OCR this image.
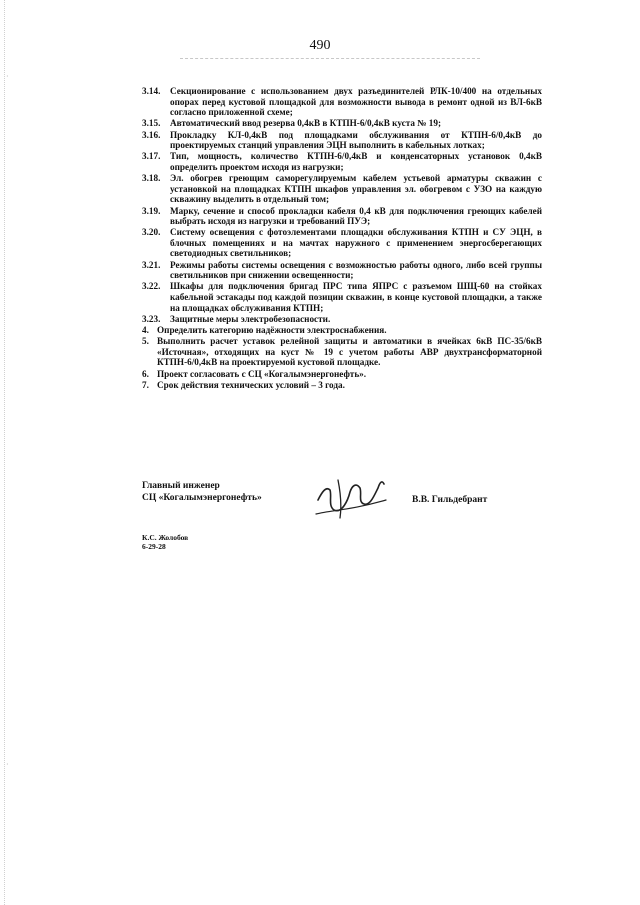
·
·
490
3.14.	Секционирование с использованием двух разъединителей РЛК-10/400 на отдельных опорах перед кустовой площадкой для возможности вывода в ремонт одной из ВЛ-6кВ согласно приложенной схеме;
3.15.	Автоматический ввод резерва 0,4кВ в КТПН-6/0,4кВ куста № 19;
3.16.	Прокладку КЛ-0,4кВ под площадками обслуживания от КТПН-6/0,4кВ до проектируемых станций управления ЭЦН выполнить в кабельных лотках;
3.17.	Тип, мощность, количество КТПН-6/0,4кВ и конденсаторных установок 0,4кВ определить проектом исходя из нагрузки;
3.18.	Эл. обогрев греющим саморегулируемым кабелем устьевой арматуры скважин с установкой на площадках КТПН шкафов управления эл. обогревом с УЗО на каждую скважину выделить в отдельный том;
3.19.	Марку, сечение и способ прокладки кабеля 0,4 кВ для подключения греющих кабелей выбрать исходя из нагрузки и требований ПУЭ;
3.20.	Систему освещения с фотоэлементами площадки обслуживания КТПН и СУ ЭЦН, в блочных помещениях и на мачтах наружного с применением энергосберегающих светодиодных светильников;
3.21.	Режимы работы системы освещения с возможностью работы одного, либо всей группы светильников при снижении освещенности;
3.22.	Шкафы для подключения бригад ПРС типа ЯПРС с разъемом ШЩ-60 на стойках кабельной эстакады под каждой позиции скважин, в конце кустовой площадки, а также на площадках обслуживания КТПН;
3.23.	Защитные меры электробезопасности.
4. Определить категорию надёжности электроснабжения.
5. Выполнить расчет уставок релейной защиты и автоматики в ячейках 6кВ ПС-35/6кВ «Источная», отходящих на куст № 19 с учетом работы АВР двухтрансформаторной КТПН-6/0,4кВ на проектируемой кустовой площадке.
6. Проект согласовать с СЦ «Когалымэнергонефть».
7. Срок действия технических условий – 3 года.
Главный инженер
СЦ «Когалымэнергонефть»	В.В. Гильдебрант
К.С. Жолобов
6-29-28
